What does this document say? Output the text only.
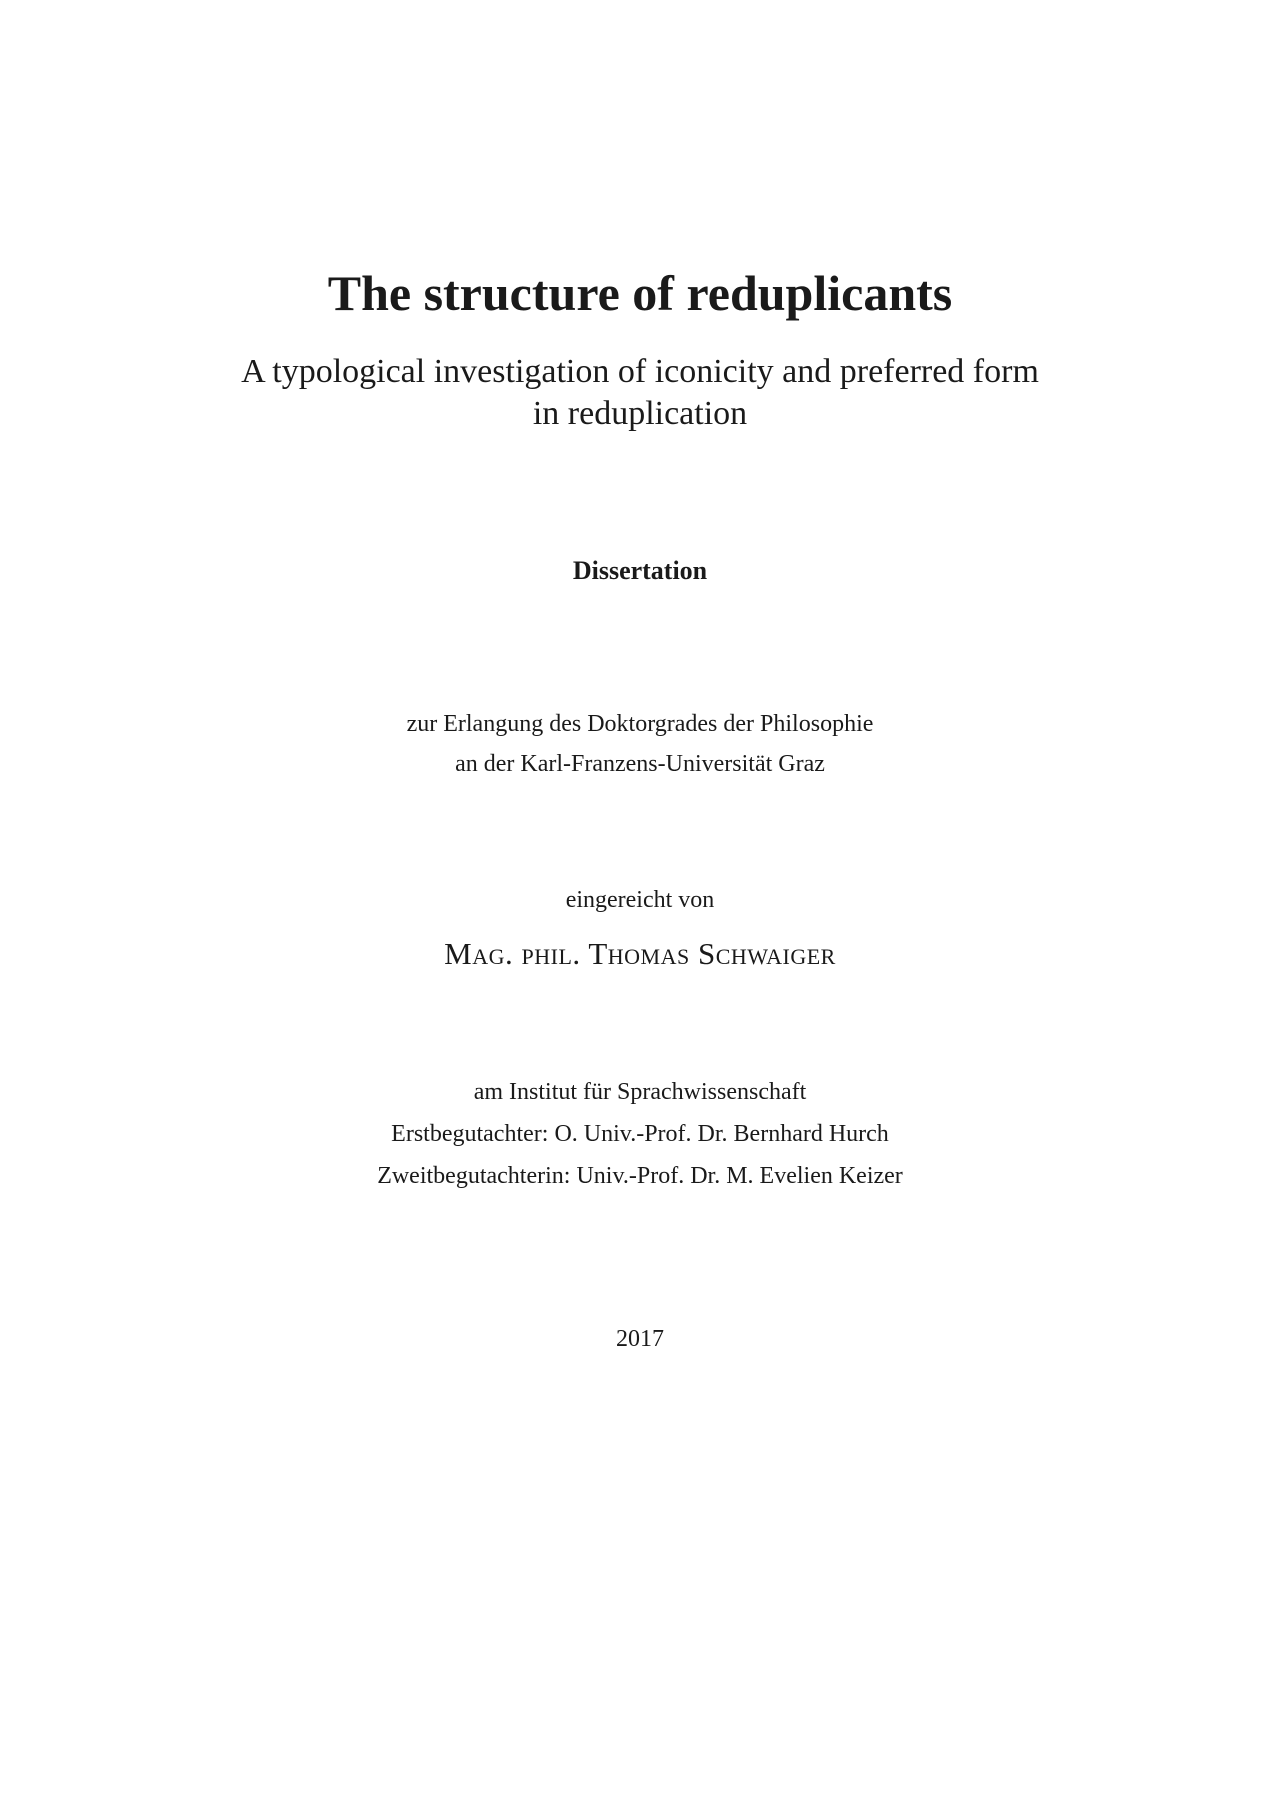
The structure of reduplicants
A typological investigation of iconicity and preferred form
in reduplication
Dissertation
zur Erlangung des Doktorgrades der Philosophie
an der Karl-Franzens-Universität Graz
eingereicht von
Mag. phil. Thomas Schwaiger
am Institut für Sprachwissenschaft
Erstbegutachter: O. Univ.-Prof. Dr. Bernhard Hurch
Zweitbegutachterin: Univ.-Prof. Dr. M. Evelien Keizer
2017
